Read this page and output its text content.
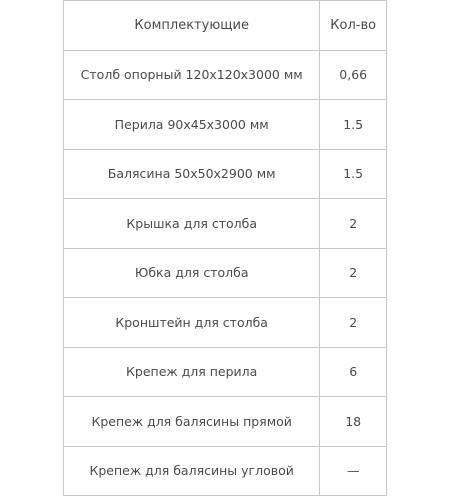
Комплектующие	Кол-во
Столб опорный 120х120х3000 мм	0,66
Перила 90х45х3000 мм	1.5
Балясина 50х50х2900 мм	1.5
Крышка для столба	2
Юбка для столба	2
Кронштейн для столба	2
Крепеж для перила	6
Крепеж для балясины прямой	18
Крепеж для балясины угловой	—
